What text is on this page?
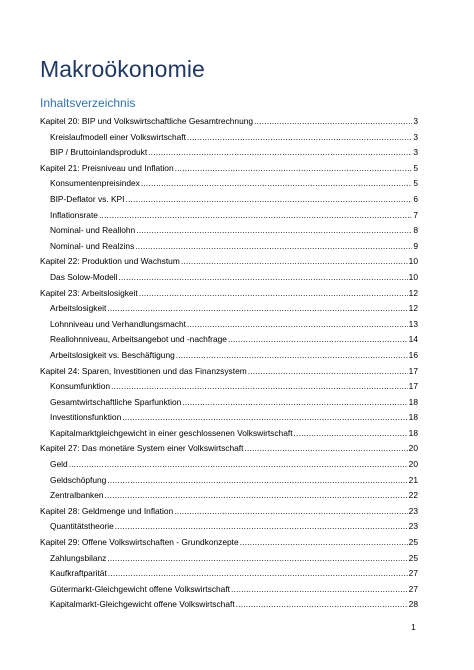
Makroökonomie
Inhaltsverzeichnis
Kapitel 20: BIP und Volkswirtschaftliche Gesamtrechnung .....	3
Kreislaufmodell einer Volkswirtschaft .....	3
BIP / Bruttoinlandsprodukt .....	3
Kapitel 21: Preisniveau und Inflation .....	5
Konsumentenpreisindex .....	5
BIP-Deflator vs. KPI .....	6
Inflationsrate .....	7
Nominal- und Reallohn .....	8
Nominal- und Realzins .....	9
Kapitel 22: Produktion und Wachstum .....	10
Das Solow-Modell .....	10
Kapitel 23: Arbeitslosigkeit .....	12
Arbeitslosigkeit .....	12
Lohnniveau und Verhandlungsmacht .....	13
Reallohnniveau, Arbeitsangebot und -nachfrage .....	14
Arbeitslosigkeit vs. Beschäftigung .....	16
Kapitel 24: Sparen, Investitionen und das Finanzsystem .....	17
Konsumfunktion .....	17
Gesamtwirtschaftliche Sparfunktion .....	18
Investitionsfunktion .....	18
Kapitalmarktgleichgewicht in einer geschlossenen Volkswirtschaft .....	18
Kapitel 27: Das monetäre System einer Volkswirtschaft .....	20
Geld .....	20
Geldschöpfung .....	21
Zentralbanken .....	22
Kapitel 28: Geldmenge und Inflation .....	23
Quantitätstheorie .....	23
Kapitel 29: Offene Volkswirtschaften - Grundkonzepte .....	25
Zahlungsbilanz .....	25
Kaufkraftparität .....	27
Gütermarkt-Gleichgewicht offene Volkswirtschaft .....	27
Kapitalmarkt-Gleichgewicht offene Volkswirtschaft .....	28
1
